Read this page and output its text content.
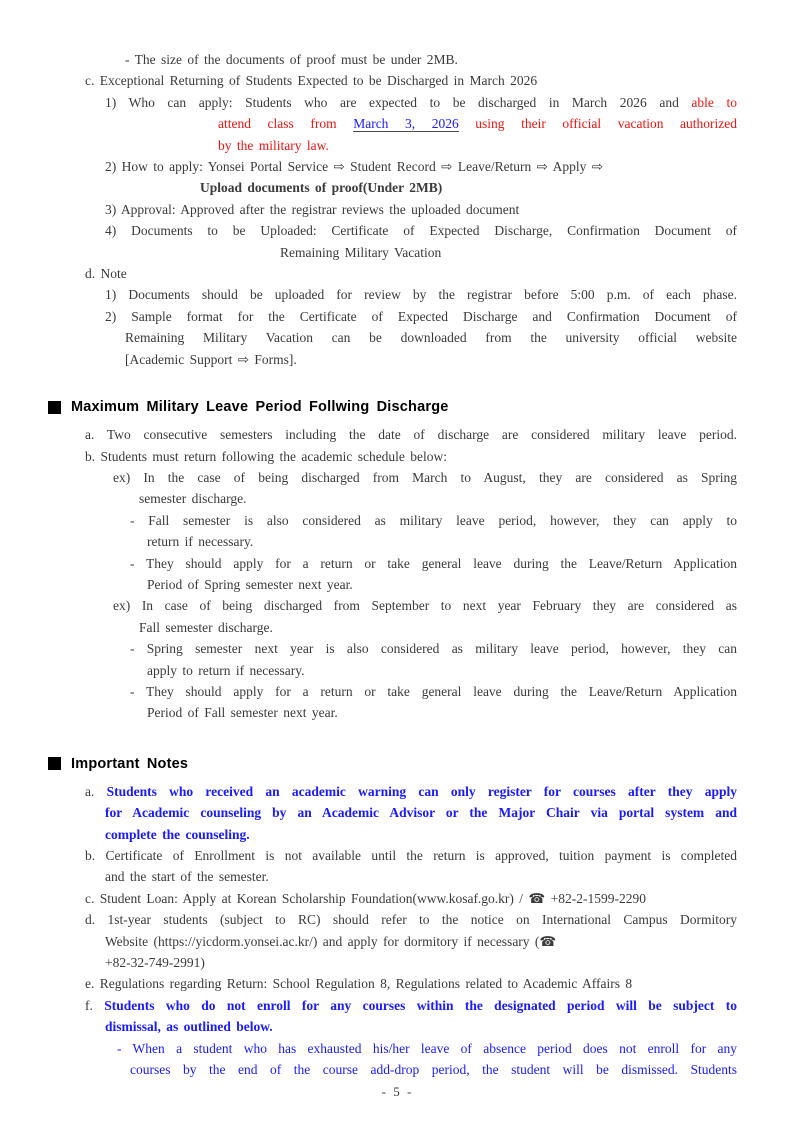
- The size of the documents of proof must be under 2MB.
c. Exceptional Returning of Students Expected to be Discharged in March 2026
1) Who can apply: Students who are expected to be discharged in March 2026 and able to
attend class from March 3, 2026 using their official vacation authorized
by the military law.
2) How to apply: Yonsei Portal Service ⇨ Student Record ⇨ Leave/Return ⇨ Apply ⇨
Upload documents of proof(Under 2MB)
3) Approval: Approved after the registrar reviews the uploaded document
4) Documents to be Uploaded: Certificate of Expected Discharge, Confirmation Document of
Remaining Military Vacation
d. Note
1) Documents should be uploaded for review by the registrar before 5:00 p.m. of each phase.
2) Sample format for the Certificate of Expected Discharge and Confirmation Document of
Remaining Military Vacation can be downloaded from the university official website
[Academic Support ⇨ Forms].
Maximum Military Leave Period Follwing Discharge
a. Two consecutive semesters including the date of discharge are considered military leave period.
b. Students must return following the academic schedule below:
ex) In the case of being discharged from March to August, they are considered as Spring
semester discharge.
- Fall semester is also considered as military leave period, however, they can apply to
return if necessary.
- They should apply for a return or take general leave during the Leave/Return Application
Period of Spring semester next year.
ex) In case of being discharged from September to next year February they are considered as
Fall semester discharge.
- Spring semester next year is also considered as military leave period, however, they can
apply to return if necessary.
- They should apply for a return or take general leave during the Leave/Return Application
Period of Fall semester next year.
Important Notes
a. Students who received an academic warning can only register for courses after they apply
for Academic counseling by an Academic Advisor or the Major Chair via portal system and
complete the counseling.
b. Certificate of Enrollment is not available until the return is approved, tuition payment is completed
and the start of the semester.
c. Student Loan: Apply at Korean Scholarship Foundation(www.kosaf.go.kr) / ☎ +82-2-1599-2290
d. 1st-year students (subject to RC) should refer to the notice on International Campus Dormitory
Website (https://yicdorm.yonsei.ac.kr/) and apply for dormitory if necessary (☎
+82-32-749-2991)
e. Regulations regarding Return: School Regulation 8, Regulations related to Academic Affairs 8
f. Students who do not enroll for any courses within the designated period will be subject to
dismissal, as outlined below.
- When a student who has exhausted his/her leave of absence period does not enroll for any
courses by the end of the course add-drop period, the student will be dismissed. Students
- 5 -
